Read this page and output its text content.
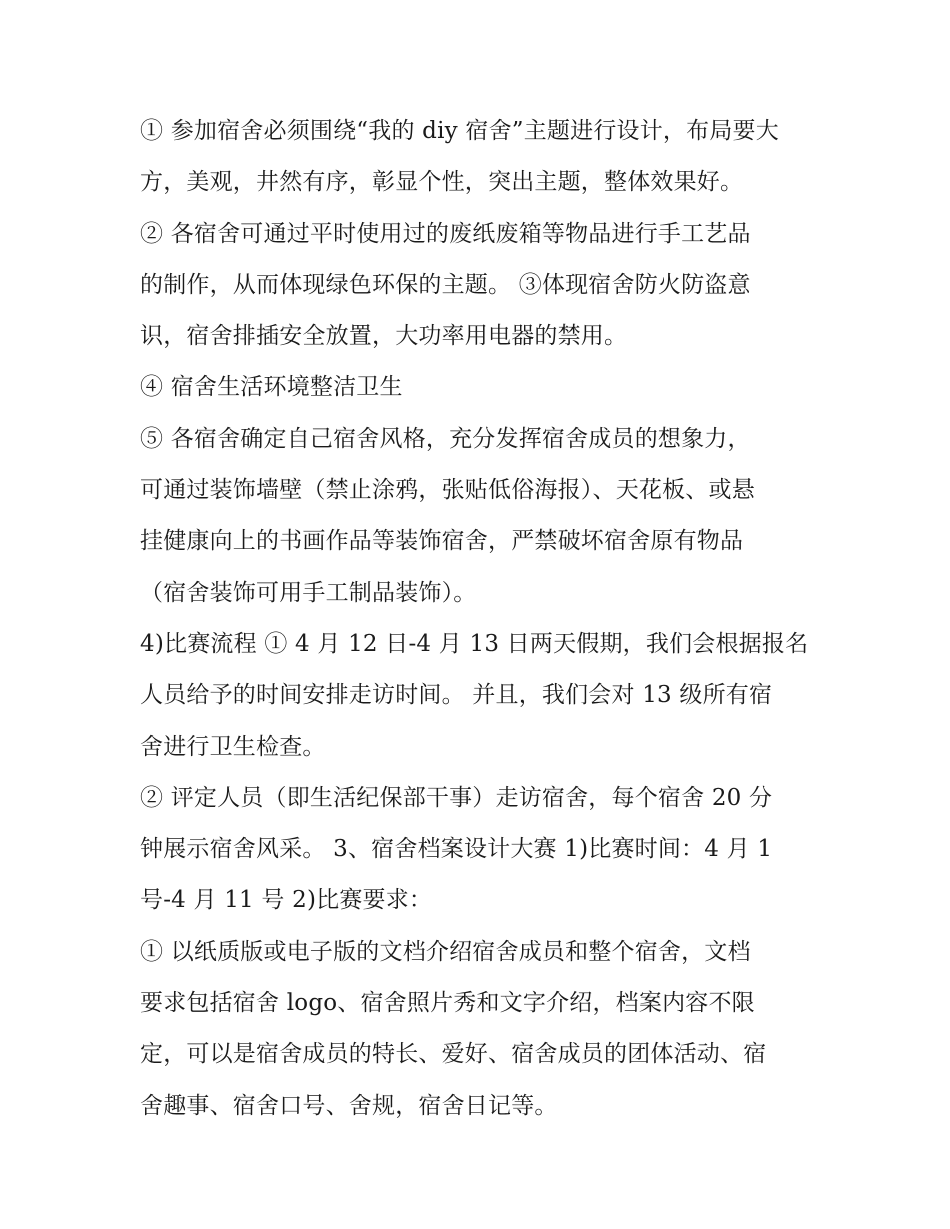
① 参加宿舍必须围绕“我的 diy 宿舍”主题进行设计，布局要大
方，美观，井然有序，彰显个性，突出主题，整体效果好。
② 各宿舍可通过平时使用过的废纸废箱等物品进行手工艺品
的制作，从而体现绿色环保的主题。 ③体现宿舍防火防盗意
识，宿舍排插安全放置，大功率用电器的禁用。
④ 宿舍生活环境整洁卫生
⑤ 各宿舍确定自己宿舍风格，充分发挥宿舍成员的想象力，
可通过装饰墙壁（禁止涂鸦，张贴低俗海报）、天花板、或悬
挂健康向上的书画作品等装饰宿舍，严禁破坏宿舍原有物品
（宿舍装饰可用手工制品装饰）。
4)比赛流程 ① 4 月 12 日-4 月 13 日两天假期，我们会根据报名
人员给予的时间安排走访时间。 并且，我们会对 13 级所有宿
舍进行卫生检查。
② 评定人员（即生活纪保部干事）走访宿舍，每个宿舍 20 分
钟展示宿舍风采。 3、宿舍档案设计大赛 1)比赛时间：4 月 1
号-4 月 11 号 2)比赛要求：
① 以纸质版或电子版的文档介绍宿舍成员和整个宿舍，文档
要求包括宿舍 logo、宿舍照片秀和文字介绍，档案内容不限
定，可以是宿舍成员的特长、爱好、宿舍成员的团体活动、宿
舍趣事、宿舍口号、舍规，宿舍日记等。
